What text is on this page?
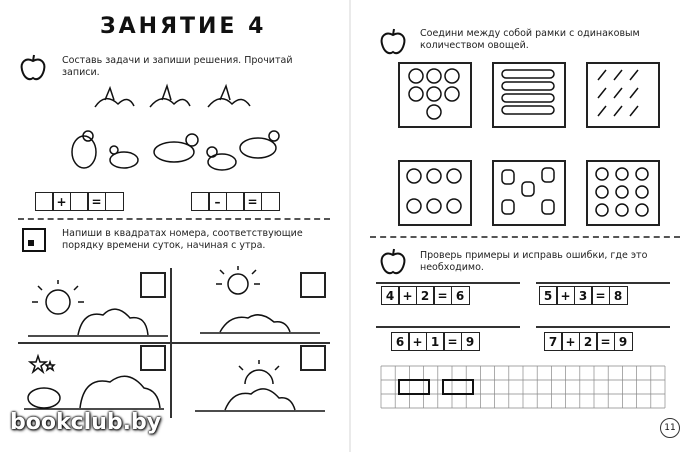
ЗАНЯТИЕ 4
Составь задачи и запиши решения. Прочитай записи.
+	=	–	=
Напиши в квадратах номера, соответствующие порядку времени суток, начиная с утра.
Соедини между собой рамки с одинаковым количеством овощей.
Проверь примеры и исправь ошибки, где это необходимо.
4 + 2 = 6	5 + 3 = 8
6 + 1 = 9	7 + 2 = 9
11
bookclub.by
